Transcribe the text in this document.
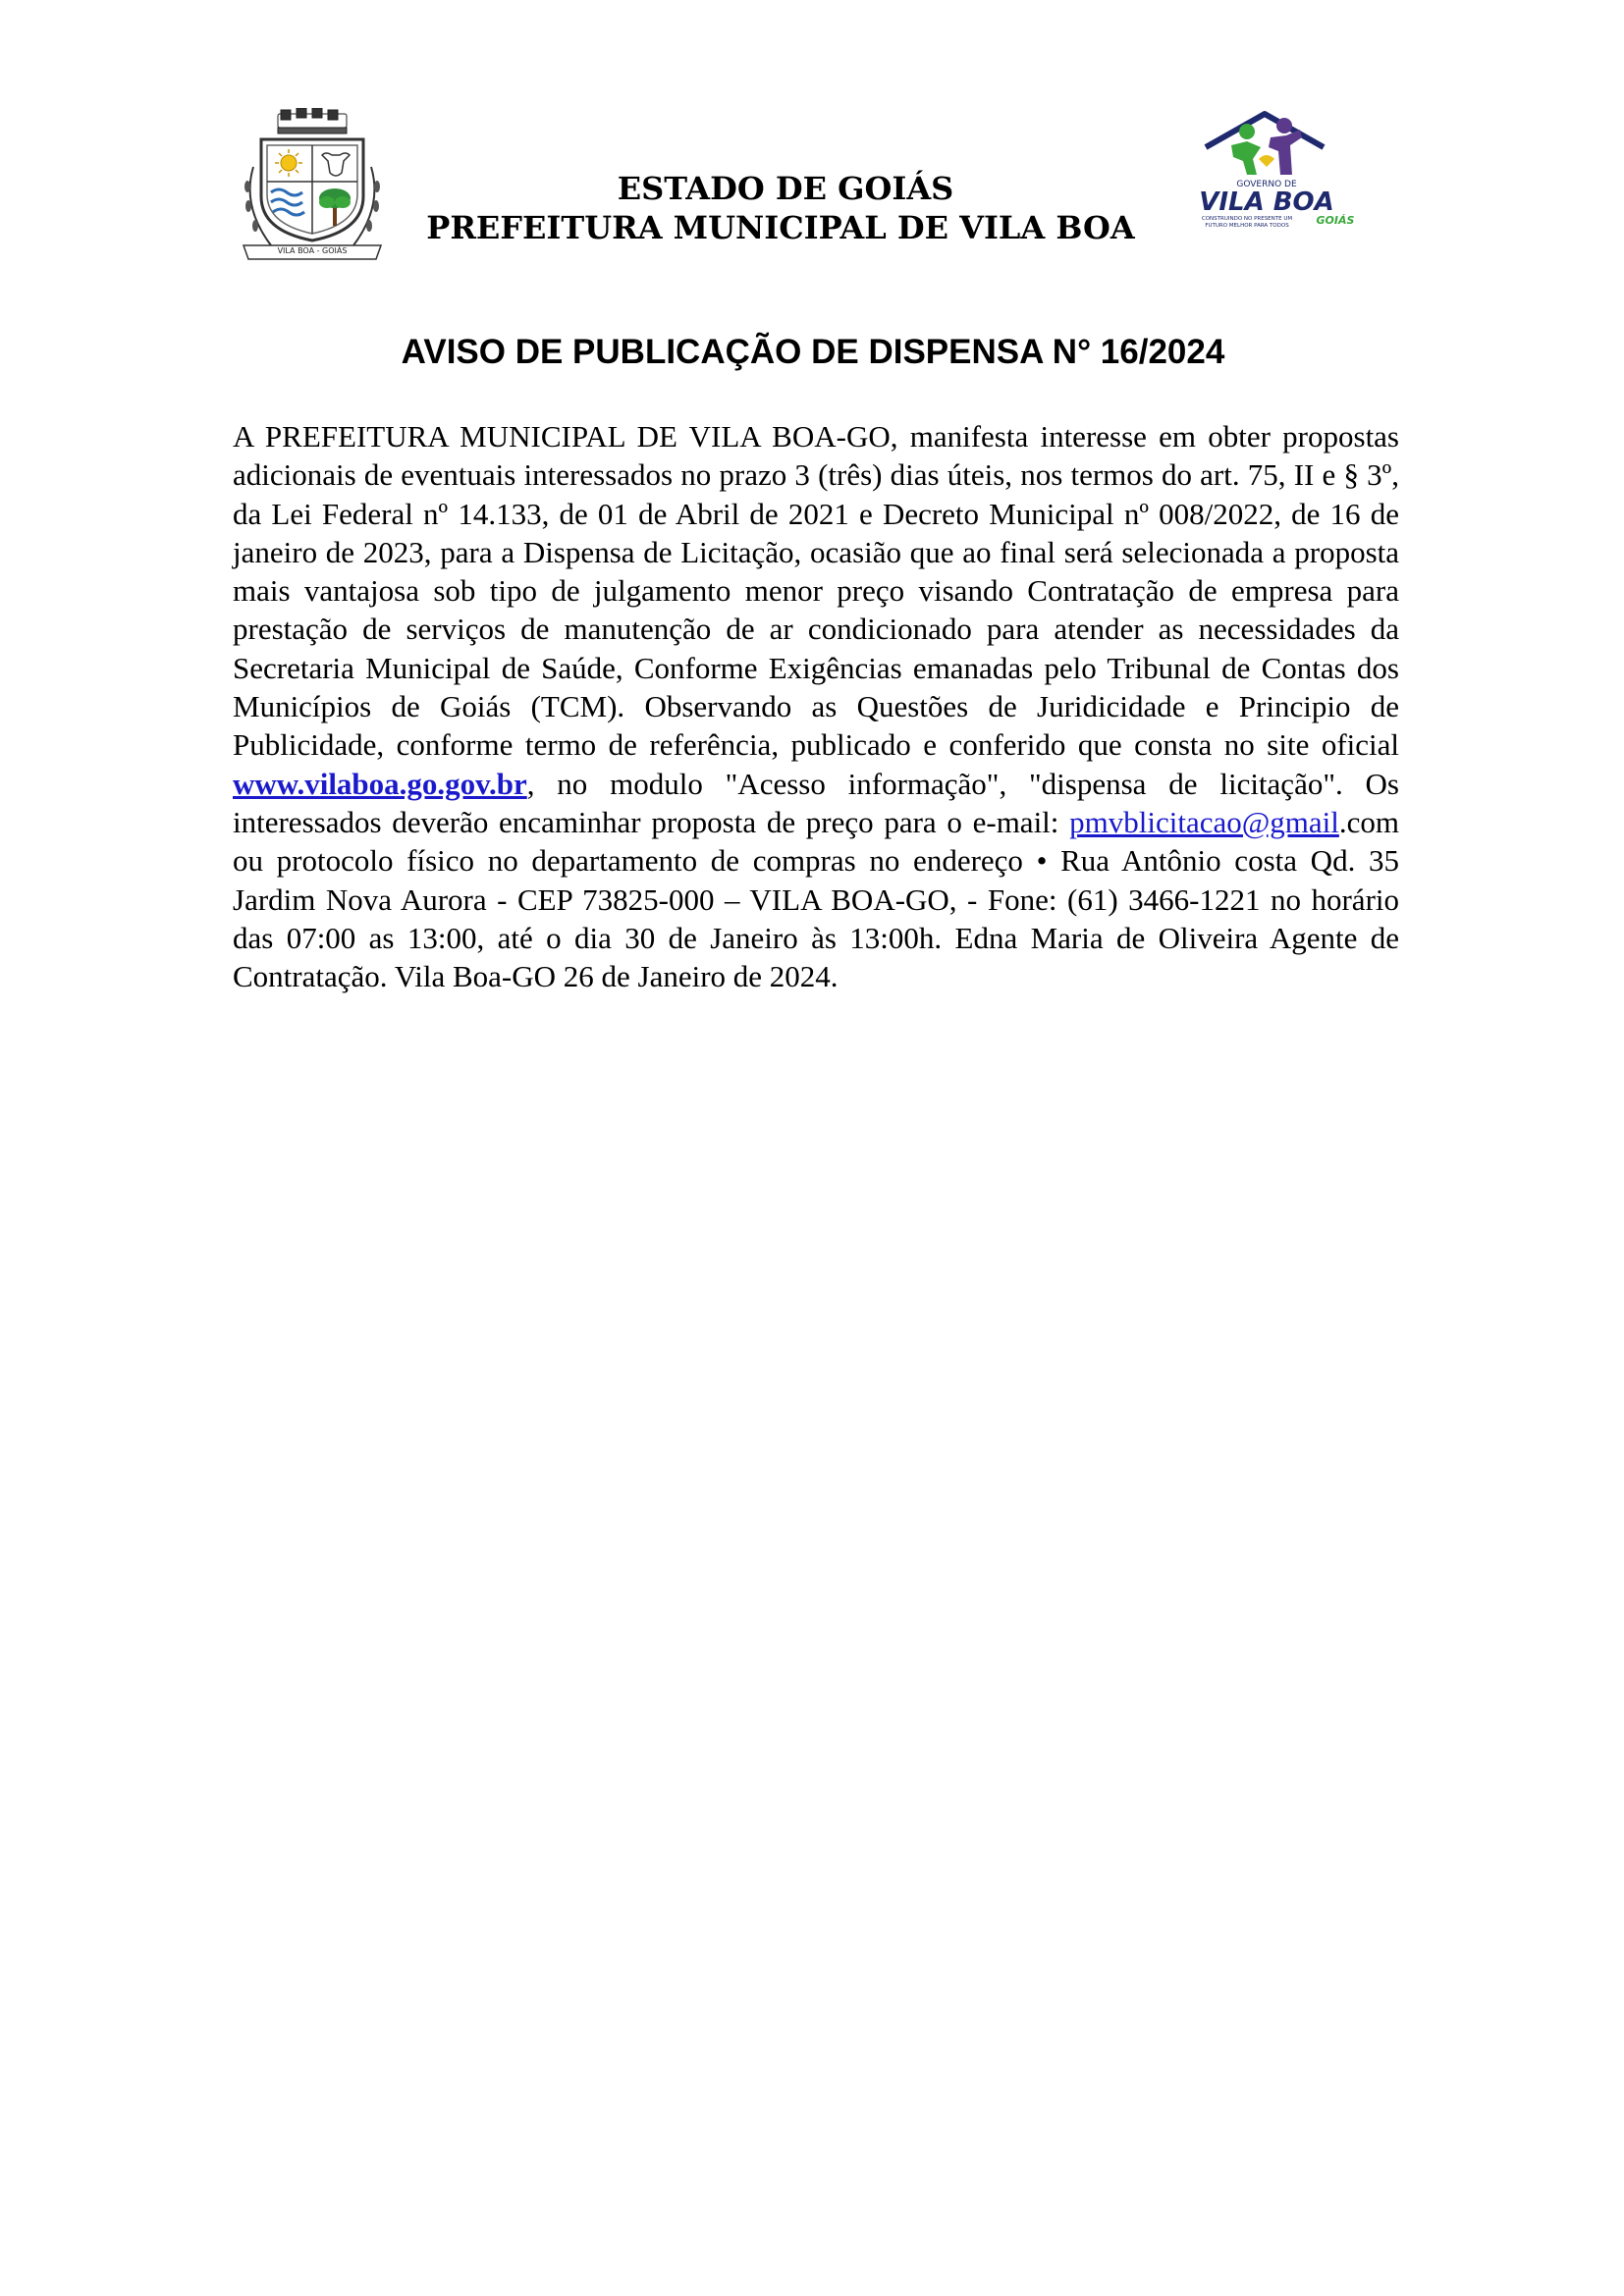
VILA BOA - GOIÁS
GOVERNO DE
VILA BOA
GOIÁS
CONSTRUINDO NO PRESENTE UM
FUTURO MELHOR PARA TODOS
ESTADO DE GOIÁS
PREFEITURA MUNICIPAL DE VILA BOA
AVISO DE PUBLICAÇÃO DE DISPENSA N° 16/2024
A PREFEITURA MUNICIPAL DE VILA BOA-GO, manifesta interesse em obter propostas adicionais de eventuais interessados no prazo 3 (três) dias úteis, nos termos do art. 75, II e § 3º, da Lei Federal nº 14.133, de 01 de Abril de 2021 e Decreto Municipal nº 008/2022, de 16 de janeiro de 2023, para a Dispensa de Licitação, ocasião que ao final será selecionada a proposta mais vantajosa sob tipo de julgamento menor preço visando Contratação de empresa para prestação de serviços de manutenção de ar condicionado para atender as necessidades da Secretaria Municipal de Saúde, Conforme Exigências emanadas pelo Tribunal de Contas dos Municípios de Goiás (TCM). Observando as Questões de Juridicidade e Principio de Publicidade, conforme termo de referência, publicado e conferido que consta no site oficial www.vilaboa.go.gov.br, no modulo "Acesso informação", "dispensa de licitação". Os interessados deverão encaminhar proposta de preço para o e-mail: pmvblicitacao@gmail.com ou protocolo físico no departamento de compras no endereço • Rua Antônio costa Qd. 35 Jardim Nova Aurora - CEP 73825-000 – VILA BOA-GO, - Fone: (61) 3466-1221 no horário das 07:00 as 13:00, até o dia 30 de Janeiro às 13:00h. Edna Maria de Oliveira Agente de Contratação. Vila Boa-GO 26 de Janeiro de 2024.
